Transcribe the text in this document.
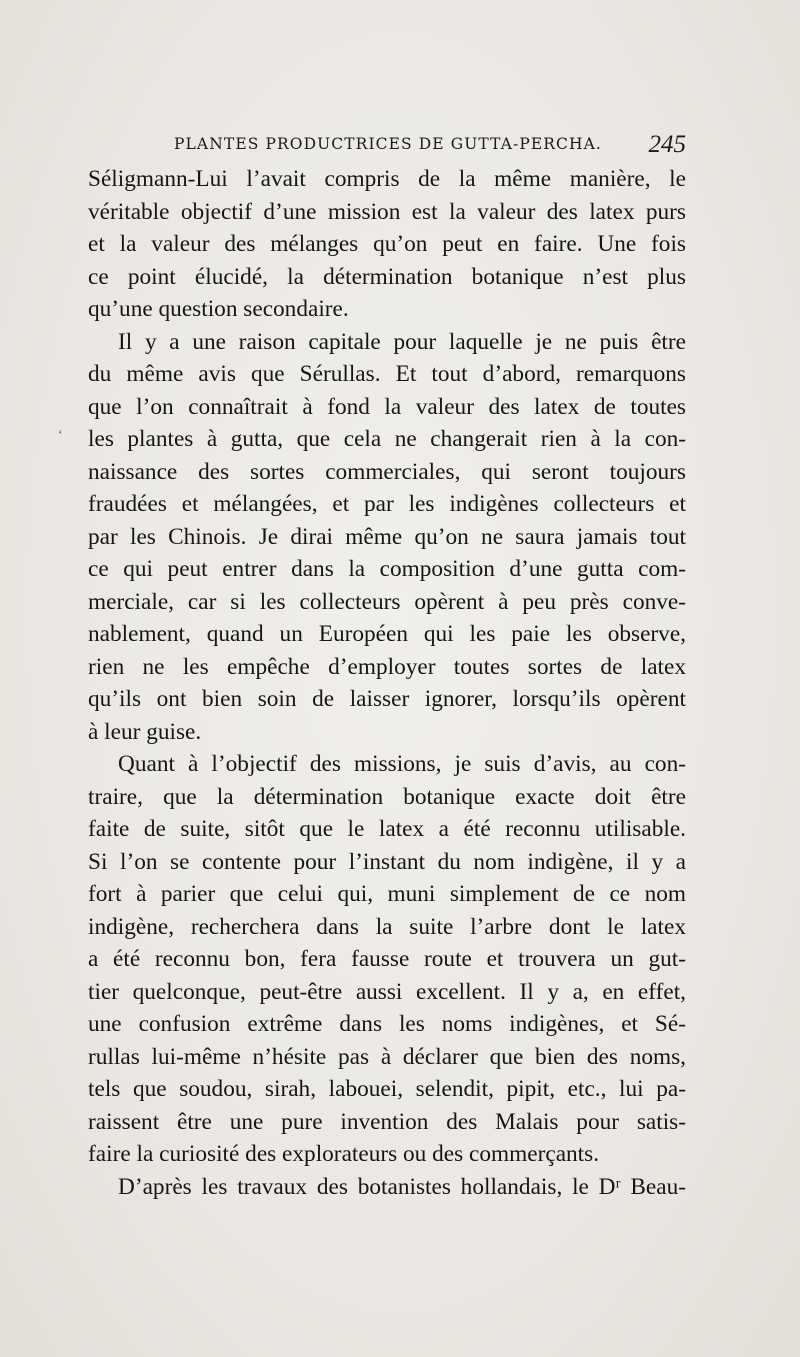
PLANTES PRODUCTRICES DE GUTTA-PERCHA. 245
‘
Séligmann-Lui l’avait compris de la même manière, le
véritable objectif d’une mission est la valeur des latex purs
et la valeur des mélanges qu’on peut en faire. Une fois
ce point élucidé, la détermination botanique n’est plus
qu’une question secondaire.
Il y a une raison capitale pour laquelle je ne puis être
du même avis que Sérullas. Et tout d’abord, remarquons
que l’on connaîtrait à fond la valeur des latex de toutes
les plantes à gutta, que cela ne changerait rien à la con-
naissance des sortes commerciales, qui seront toujours
fraudées et mélangées, et par les indigènes collecteurs et
par les Chinois. Je dirai même qu’on ne saura jamais tout
ce qui peut entrer dans la composition d’une gutta com-
merciale, car si les collecteurs opèrent à peu près conve-
nablement, quand un Européen qui les paie les observe,
rien ne les empêche d’employer toutes sortes de latex
qu’ils ont bien soin de laisser ignorer, lorsqu’ils opèrent
à leur guise.
Quant à l’objectif des missions, je suis d’avis, au con-
traire, que la détermination botanique exacte doit être
faite de suite, sitôt que le latex a été reconnu utilisable.
Si l’on se contente pour l’instant du nom indigène, il y a
fort à parier que celui qui, muni simplement de ce nom
indigène, recherchera dans la suite l’arbre dont le latex
a été reconnu bon, fera fausse route et trouvera un gut-
tier quelconque, peut-être aussi excellent. Il y a, en effet,
une confusion extrême dans les noms indigènes, et Sé-
rullas lui-même n’hésite pas à déclarer que bien des noms,
tels que soudou, sirah, labouei, selendit, pipit, etc., lui pa-
raissent être une pure invention des Malais pour satis-
faire la curiosité des explorateurs ou des commerçants.
D’après les travaux des botanistes hollandais, le Dʳ Beau-
